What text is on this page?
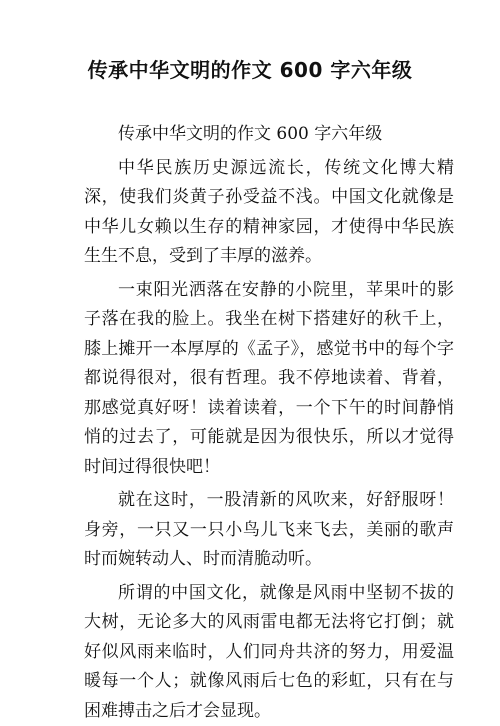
传承中华文明的作文 600 字六年级

传承中华文明的作文 600 字六年级

中华民族历史源远流长，传统文化博大精深，使我们炎黄子孙受益不浅。中国文化就像是中华儿女赖以生存的精神家园，才使得中华民族生生不息，受到了丰厚的滋养。

一束阳光洒落在安静的小院里，苹果叶的影子落在我的脸上。我坐在树下搭建好的秋千上，膝上摊开一本厚厚的《孟子》，感觉书中的每个字都说得很对，很有哲理。我不停地读着、背着，那感觉真好呀！读着读着，一个下午的时间静悄悄的过去了，可能就是因为很快乐，所以才觉得时间过得很快吧！

就在这时，一股清新的风吹来，好舒服呀！身旁，一只又一只小鸟儿飞来飞去，美丽的歌声时而婉转动人、时而清脆动听。

所谓的中国文化，就像是风雨中坚韧不拔的大树，无论多大的风雨雷电都无法将它打倒；就好似风雨来临时，人们同舟共济的努力，用爱温暖每一个人；就像风雨后七色的彩虹，只有在与困难搏击之后才会显现。
